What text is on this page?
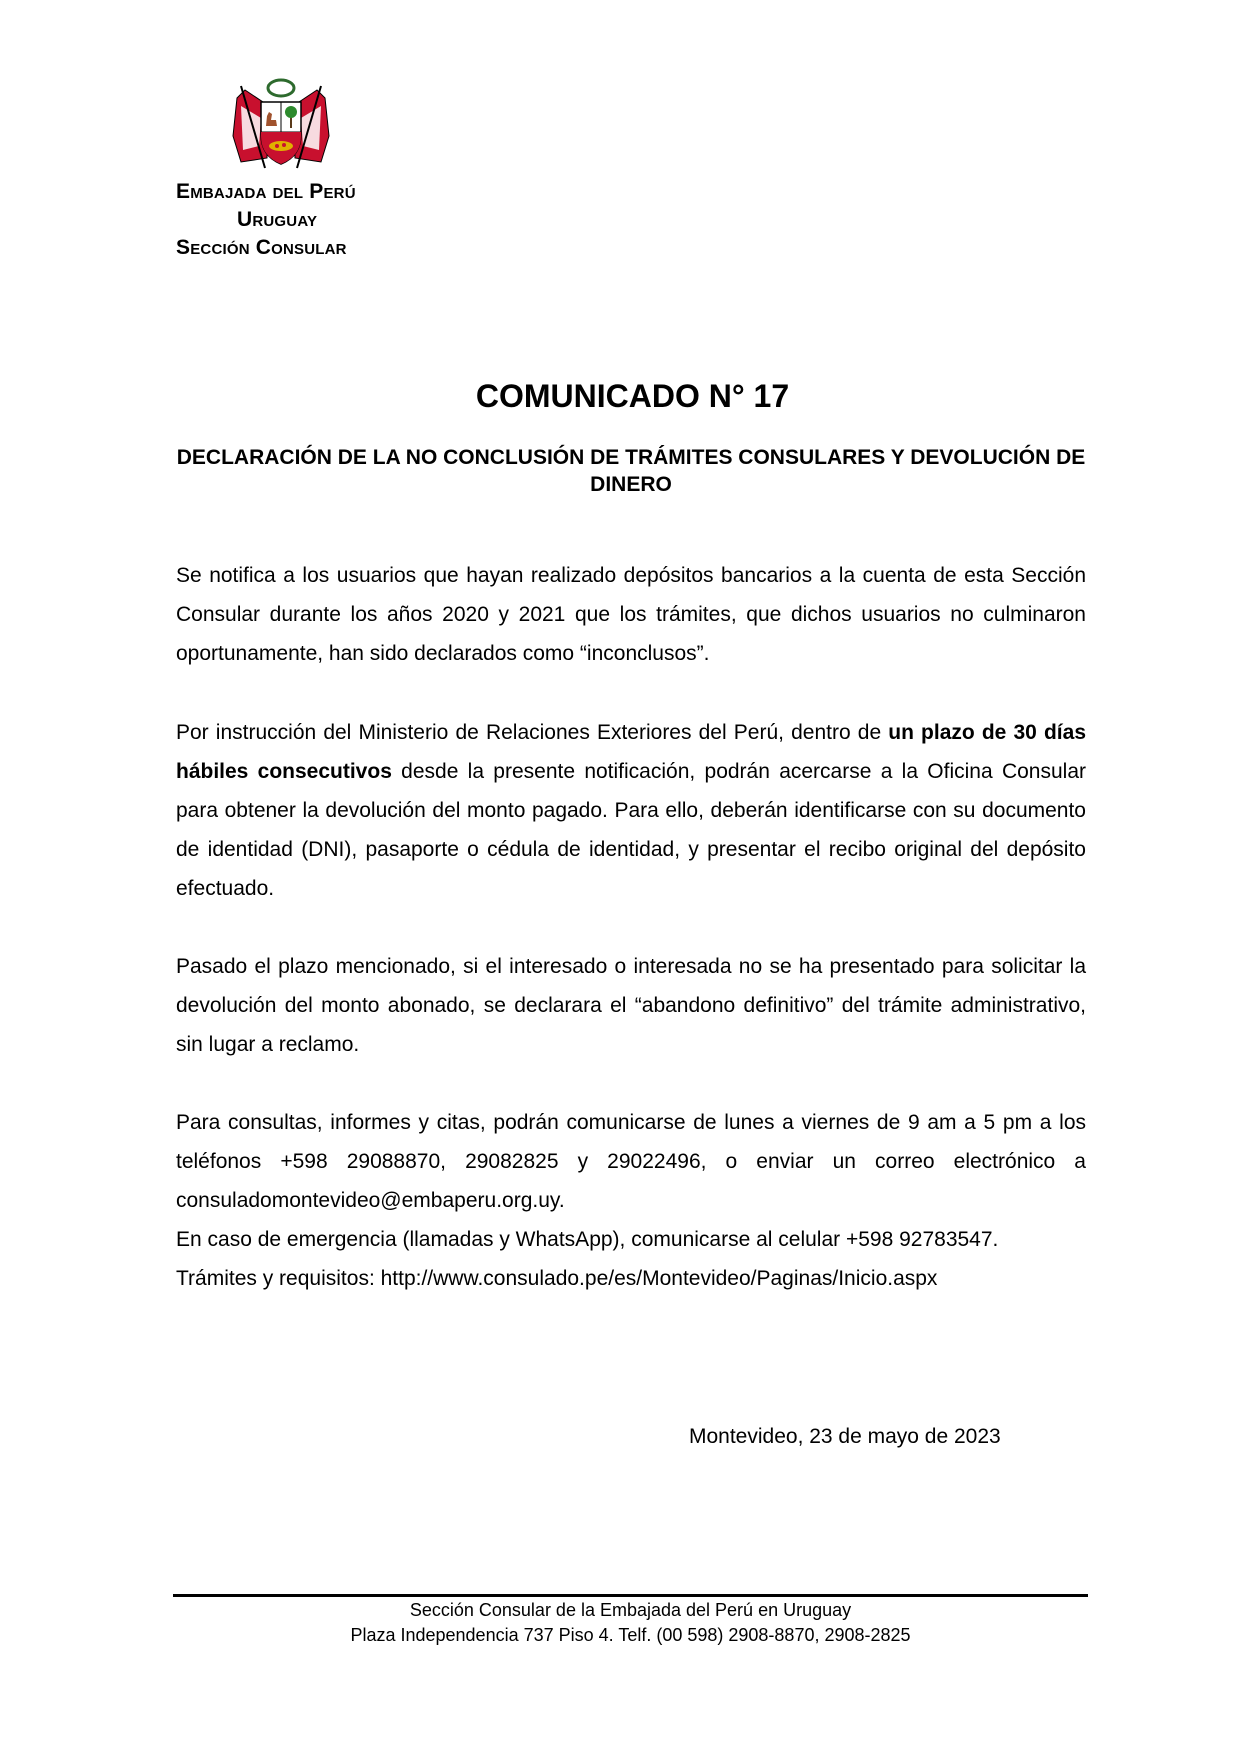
Embajada del Perú
Uruguay
Sección Consular
COMUNICADO N° 17
DECLARACIÓN DE LA NO CONCLUSIÓN DE TRÁMITES CONSULARES Y DEVOLUCIÓN DE DINERO
Se notifica a los usuarios que hayan realizado depósitos bancarios a la cuenta de esta Sección Consular durante los años 2020 y 2021 que los trámites, que dichos usuarios no culminaron oportunamente, han sido declarados como “inconclusos”.
Por instrucción del Ministerio de Relaciones Exteriores del Perú, dentro de un plazo de 30 días hábiles consecutivos desde la presente notificación, podrán acercarse a la Oficina Consular para obtener la devolución del monto pagado. Para ello, deberán identificarse con su documento de identidad (DNI), pasaporte o cédula de identidad, y presentar el recibo original del depósito efectuado.
Pasado el plazo mencionado, si el interesado o interesada no se ha presentado para solicitar la devolución del monto abonado, se declarara el “abandono definitivo” del trámite administrativo, sin lugar a reclamo.
Para consultas, informes y citas, podrán comunicarse de lunes a viernes de 9 am a 5 pm a los teléfonos +598 29088870, 29082825 y 29022496, o enviar un correo electrónico a consuladomontevideo@embaperu.org.uy.
En caso de emergencia (llamadas y WhatsApp), comunicarse al celular +598 92783547.
Trámites y requisitos: http://www.consulado.pe/es/Montevideo/Paginas/Inicio.aspx
Montevideo, 23 de mayo de 2023
Sección Consular de la Embajada del Perú en Uruguay
Plaza Independencia 737 Piso 4. Telf. (00 598) 2908-8870, 2908-2825
